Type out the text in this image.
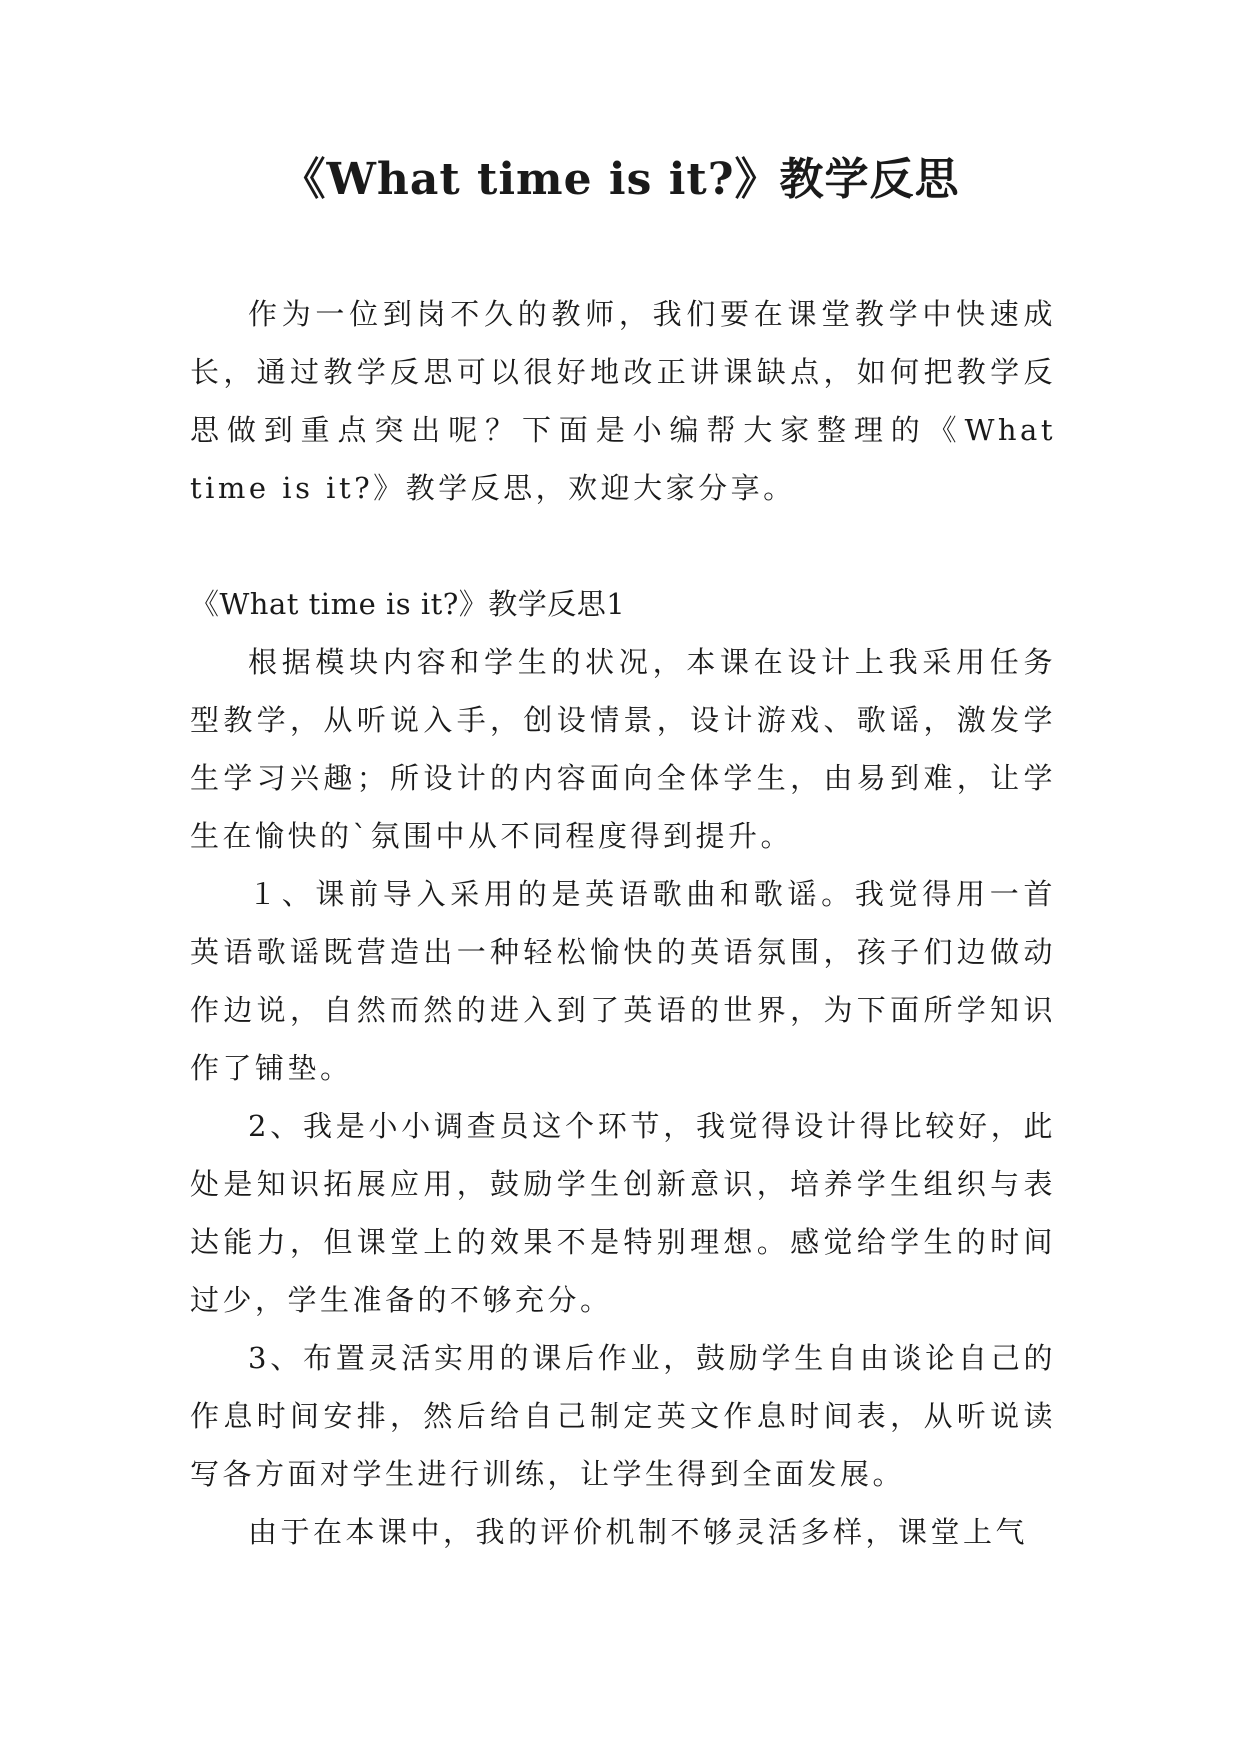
《What time is it?》教学反思

作为一位到岗不久的教师，我们要在课堂教学中快速成长，通过教学反思可以很好地改正讲课缺点，如何把教学反思做到重点突出呢？下面是小编帮大家整理的《What time is it?》教学反思，欢迎大家分享。

《What time is it?》教学反思1

根据模块内容和学生的状况，本课在设计上我采用任务型教学，从听说入手，创设情景，设计游戏、歌谣，激发学生学习兴趣；所设计的内容面向全体学生，由易到难，让学生在愉快的`氛围中从不同程度得到提升。

１、课前导入采用的是英语歌曲和歌谣。我觉得用一首英语歌谣既营造出一种轻松愉快的英语氛围，孩子们边做动作边说，自然而然的进入到了英语的世界，为下面所学知识作了铺垫。

2、我是小小调查员这个环节，我觉得设计得比较好，此处是知识拓展应用，鼓励学生创新意识，培养学生组织与表达能力，但课堂上的效果不是特别理想。感觉给学生的时间过少，学生准备的不够充分。

3、布置灵活实用的课后作业，鼓励学生自由谈论自己的作息时间安排，然后给自己制定英文作息时间表，从听说读写各方面对学生进行训练，让学生得到全面发展。

由于在本课中，我的评价机制不够灵活多样，课堂上气
